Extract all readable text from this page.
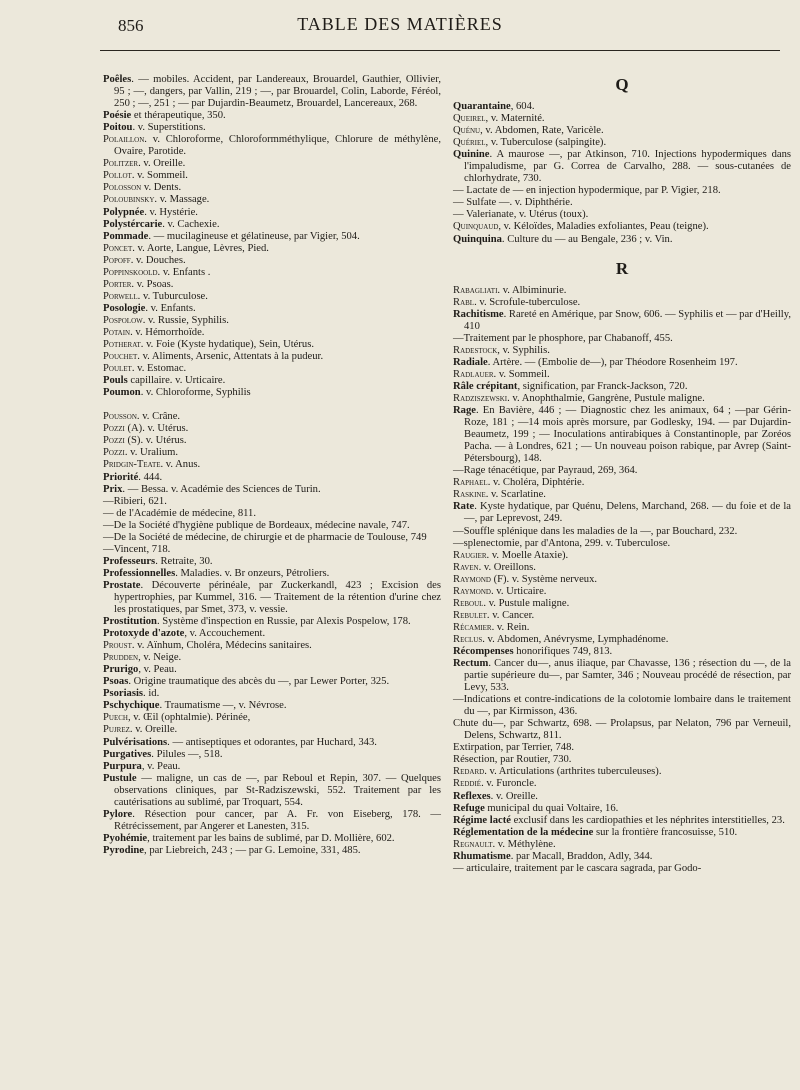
856	TABLE DES MATIÈRES

Poêles. — mobiles. Accident, par Landereaux, Brouardel, Gauthier, Ollivier, 95 ; —, dangers, par Vallin, 219 ; —, par Brouardel, Colin, Laborde, Féréol, 250 ; —, 251 ; — par Dujardin-Beaumetz, Brouardel, Lancereaux, 268.

Poésie et thérapeutique, 350.

Poitou. v. Superstitions.

Polaillon. v. Chloroforme, Chloroformméthylique, Chlorure de méthylène, Ovaire, Parotide.

Politzer. v. Oreille.

Pollot. v. Sommeil.

Polosson v. Dents.

Poloubinsky. v. Massage.

Polypnée. v. Hystérie.

Polystércarie. v. Cachexie.

Pommade. — mucilagineuse et gélatineuse, par Vigier, 504.

Poncet. v. Aorte, Langue, Lèvres, Pied.

Popoff. v. Douches.

Poppinskoold. v. Enfants .

Porter. v. Psoas.

Porwell. v. Tuburculose.

Posologie. v. Enfants.

Pospolow. v. Russie, Syphilis.

Potain. v. Hémorrhoïde.

Potherat. v. Foie (Kyste hydatique), Sein, Utérus.

Pouchet. v. Aliments, Arsenic, Attentats à la pudeur.

Poulet. v. Estomac.

Pouls capillaire. v. Urticaire.

Poumon. v. Chloroforme, Syphilis

Pousson. v. Crâne.

Pozzi (A). v. Utérus.

Pozzi (S). v. Utérus.

Pozzi. v. Uralium.

Pridgin-Teate. v. Anus.

Priorité. 444.

Prix. — Bessa. v. Académie des Sciences de Turin.

—Ribieri, 621.

— de l'Académie de médecine, 811.

—De la Société d'hygiène publique de Bordeaux, médecine navale, 747.

—De la Société de médecine, de chirurgie et de pharmacie de Toulouse, 749

—Vincent, 718.

Professeurs. Retraite, 30.

Professionnelles. Maladies. v. Br onzeurs, Pétroliers.

Prostate. Découverte périnéale, par Zuckerkandl, 423 ; Excision des hypertrophies, par Kummel, 316. — Traitement de la rétention d'urine chez les prostatiques, par Smet, 373, v. vessie.

Prostitution. Système d'inspection en Russie, par Alexis Pospelow, 178.

Protoxyde d'azote, v. Accouchement.

Proust. v. Aïnhum, Choléra, Médecins sanitaires.

Prudden, v. Neige.

Prurigo, v. Peau.

Psoas. Origine traumatique des abcès du —, par Lewer Porter, 325.

Psoriasis. id.

Pschychique. Traumatisme —, v. Névrose.

Puech, v. Œil (ophtalmie). Périnée,

Pujrez. v. Oreille.

Pulvérisations. — antiseptiques et odorantes, par Huchard, 343.

Purgatives. Pilules —, 518.

Purpura, v. Peau.

Pustule — maligne, un cas de —, par Reboul et Repin, 307. — Quelques observations cliniques, par St-Radziszewski, 552. Traitement par les cautérisations au sublimé, par Troquart, 554.

Pylore. Résection pour cancer, par A. Fr. von Eiseberg, 178. — Rétrécissement, par Angerer et Lanesten, 315.

Pyohémie, traitement par les bains de sublimé, par D. Mollière, 602.

Pyrodine, par Liebreich, 243 ; — par G. Lemoine, 331, 485.

Q

Quarantaine, 604.

Queirel, v. Maternité.

Quénu, v. Abdomen, Rate, Varicèle.

Quériel, v. Tuberculose (salpingite).

Quinine. A maurose —, par Atkinson, 710. Injections hypodermiques dans l'impaludisme, par G. Correa de Carvalho, 288. — sous-cutanées de chlorhydrate, 730.

— Lactate de — en injection hypodermique, par P. Vigier, 218.

— Sulfate —. v. Diphthérie.

— Valerianate, v. Utérus (toux).

Quinquaud, v. Kéloïdes, Maladies exfoliantes, Peau (teigne).

Quinquina. Culture du — au Bengale, 236 ; v. Vin.

R

Rabagliati. v. Albiminurie.

Rabl. v. Scrofule-tuberculose.

Rachitisme. Rareté en Amérique, par Snow, 606. — Syphilis et — par d'Heilly, 410

—Traitement par le phosphore, par Chabanoff, 455.

Radestock, v. Syphilis.

Radiale. Artère. — (Embolie de—), par Théodore Rosenheim 197.

Radlauer. v. Sommeil.

Râle crépitant, signification, par Franck-Jackson, 720.

Radziszewski. v. Anophthalmie, Gangrène, Pustule maligne.

Rage. En Bavière, 446 ; — Diagnostic chez les animaux, 64 ; —par Gérin-Roze, 181 ; —14 mois après morsure, par Godlesky, 194. — par Dujardin-Beaumetz, 199 ; — Inoculations antirabiques à Constantinople, par Zoréos Pacha. — à Londres, 621 ; — Un nouveau poison rabique, par Avrep (Saint-Pétersbourg), 148.

—Rage ténacétique, par Payraud, 269, 364.

Raphael. v. Choléra, Diphtérie.

Raskine. v. Scarlatine.

Rate. Kyste hydatique, par Quénu, Delens, Marchand, 268. — du foie et de la —, par Leprevost, 249.

—Souffle splénique dans les maladies de la —, par Bouchard, 232.

—splenectomie, par d'Antona, 299. v. Tuberculose.

Raugier. v. Moelle Ataxie).

Raven. v. Oreillons.

Raymond (F). v. Système nerveux.

Raymond. v. Urticaire.

Reboul. v. Pustule maligne.

Rebulet. v. Cancer.

Récamier. v. Rein.

Reclus. v. Abdomen, Anévrysme, Lymphadénome.

Récompenses honorifiques 749, 813.

Rectum. Cancer du—, anus iliaque, par Chavasse, 136 ; résection du —, de la partie supérieure du—, par Samter, 346 ; Nouveau procédé de résection, par Levy, 533.

—Indications et contre-indications de la colotomie lombaire dans le traitement du —, par Kirmisson, 436.

Chute du—, par Schwartz, 698. — Prolapsus, par Nelaton, 796 par Verneuil, Delens, Schwartz, 811.

Extirpation, par Terrier, 748.

Résection, par Routier, 730.

Redard. v. Articulations (arthrites tuberculeuses).

Reddié. v. Furoncle.

Reflexes. v. Oreille.

Refuge municipal du quai Voltaire, 16.

Régime lacté exclusif dans les cardiopathies et les néphrites interstitielles, 23.

Réglementation de la médecine sur la frontière francosuisse, 510.

Regnault. v. Méthylène.

Rhumatisme. par Macall, Braddon, Adly, 344.

— articulaire, traitement par le cascara sagrada, par Godo-
